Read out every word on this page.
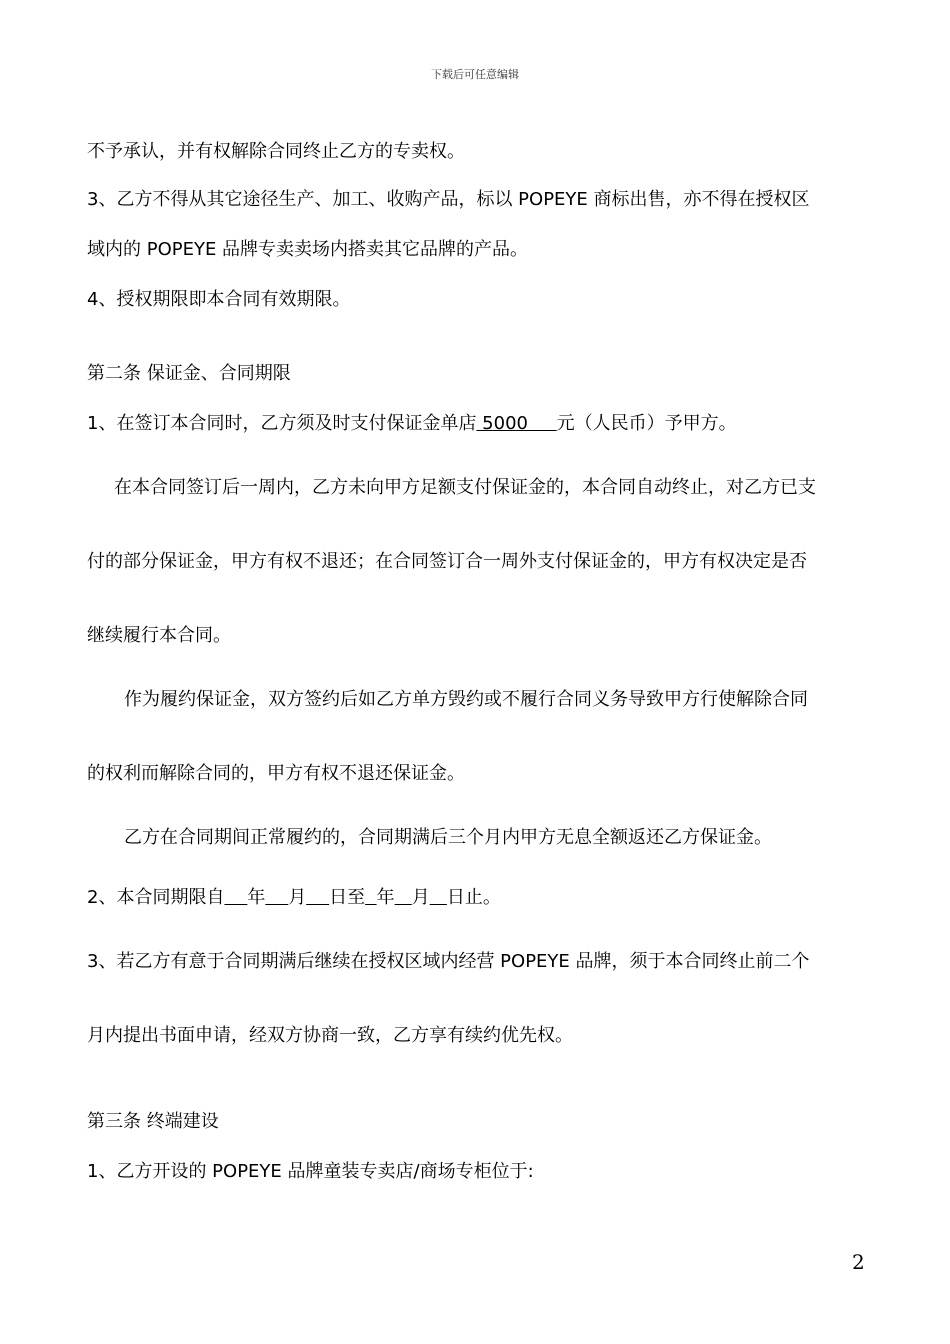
下载后可任意编辑
不予承认，并有权解除合同终止乙方的专卖权。
3、乙方不得从其它途径生产、加工、收购产品，标以 POPEYE 商标出售，亦不得在授权区
域内的 POPEYE 品牌专卖卖场内搭卖其它品牌的产品。
4、授权期限即本合同有效期限。
第二条 保证金、合同期限
1、在签订本合同时，乙方须及时支付保证金单店 5000     元（人民币）予甲方。
在本合同签订后一周内，乙方未向甲方足额支付保证金的，本合同自动终止，对乙方已支
付的部分保证金，甲方有权不退还；在合同签订合一周外支付保证金的，甲方有权决定是否
继续履行本合同。
作为履约保证金，双方签约后如乙方单方毁约或不履行合同义务导致甲方行使解除合同
的权利而解除合同的，甲方有权不退还保证金。
乙方在合同期间正常履约的，合同期满后三个月内甲方无息全额返还乙方保证金。
2、本合同期限自 年 月 日至 年 月 日止。
3、若乙方有意于合同期满后继续在授权区域内经营 POPEYE 品牌，须于本合同终止前二个
月内提出书面申请，经双方协商一致，乙方享有续约优先权。
第三条 终端建设
1、乙方开设的 POPEYE 品牌童装专卖店/商场专柜位于:
2
